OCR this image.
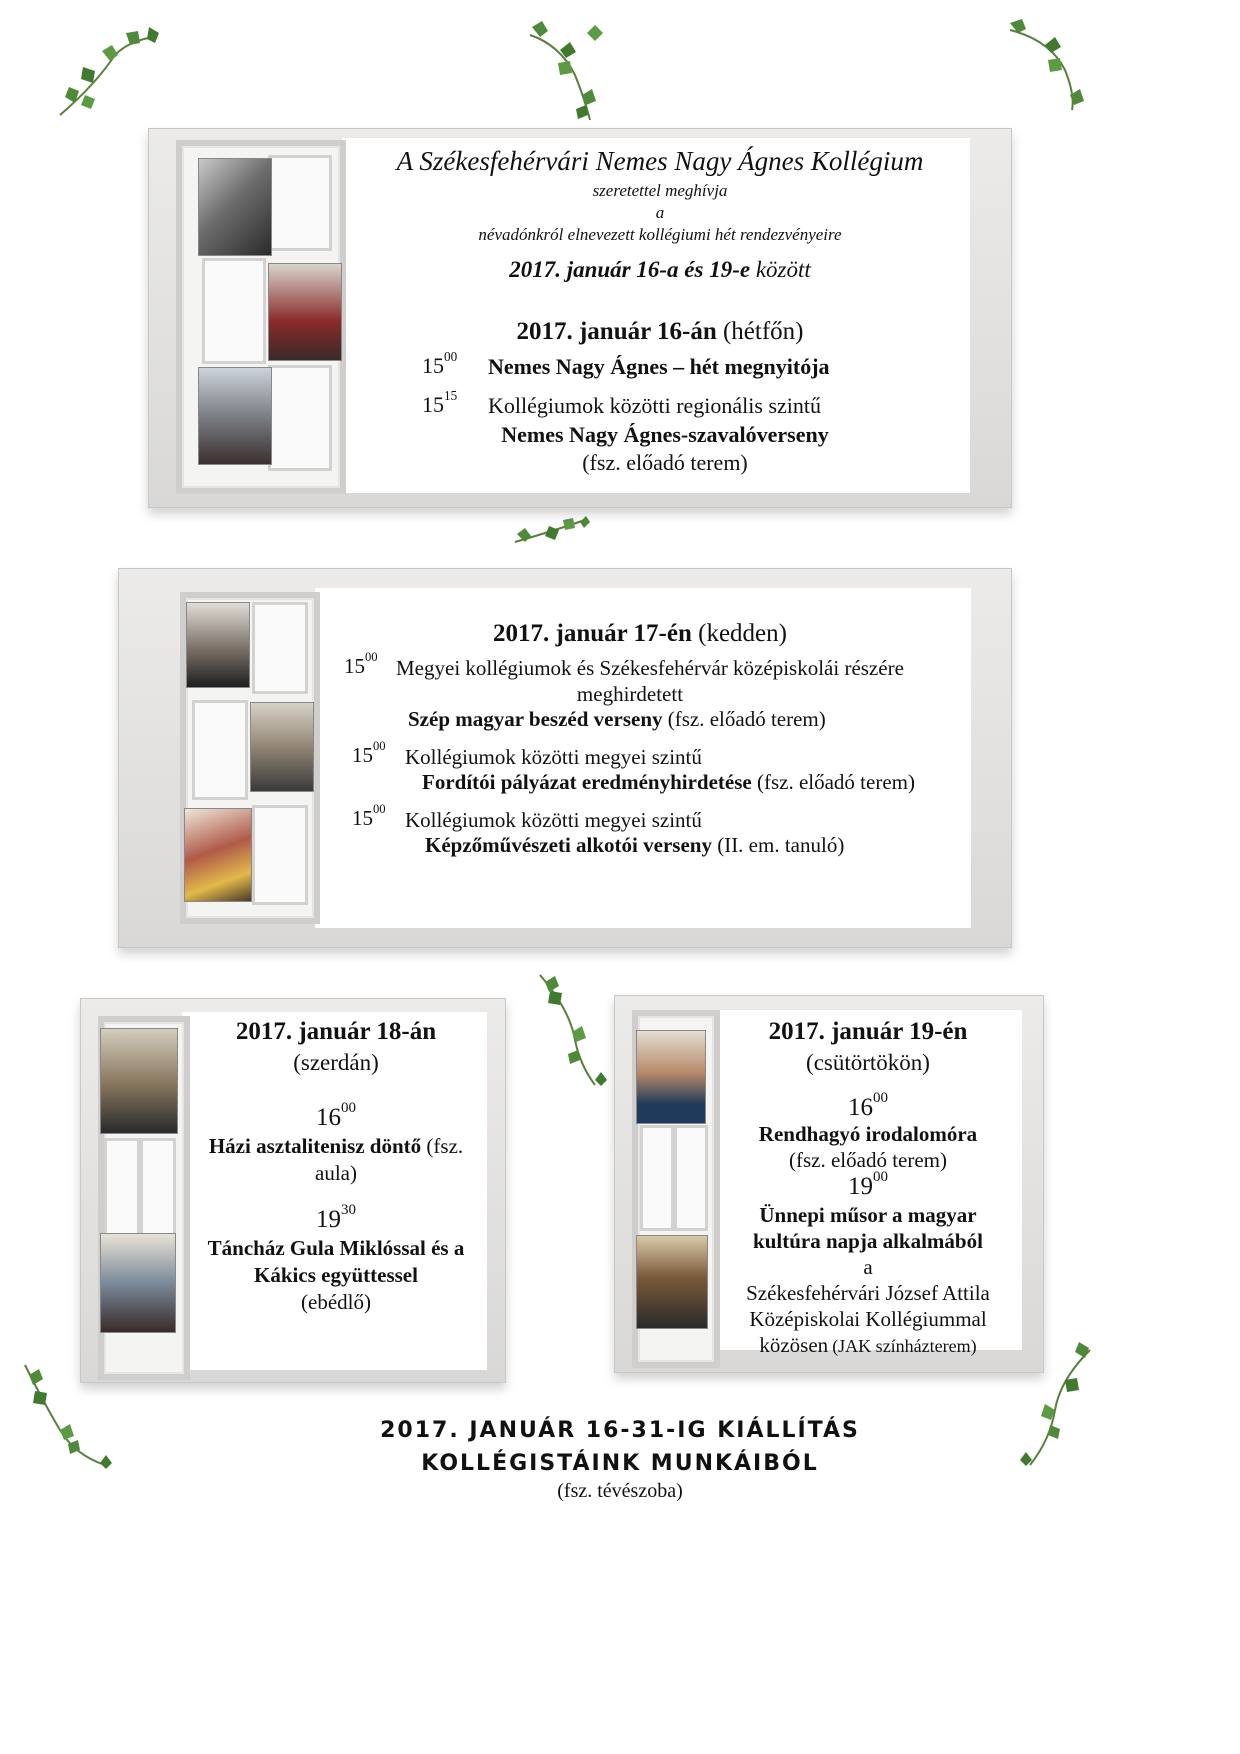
A Székesfehérvári Nemes Nagy Ágnes Kollégium
szeretettel meghívja
a
névadónkról elnevezett kollégiumi hét rendezvényeire
2017. január 16-a és 19-e között
2017. január 16-án (hétfőn)
$15^{00}$ Nemes Nagy Ágnes – hét megnyitója
$15^{15}$ Kollégiumok közötti regionális szintű
Nemes Nagy Ágnes-szavalóverseny
(fsz. előadó terem)
2017. január 17-én (kedden)
$15^{00}$ Megyei kollégiumok és Székesfehérvár középiskolái részére
meghirdetett
Szép magyar beszéd verseny (fsz. előadó terem)
$15^{00}$ Kollégiumok közötti megyei szintű
Fordítói pályázat eredményhirdetése (fsz. előadó terem)
$15^{00}$ Kollégiumok közötti megyei szintű
Képzőművészeti alkotói verseny (II. em. tanuló)
2017. január 18-án
(szerdán)
$16^{00}$
Házi asztalitenisz döntő (fsz.
aula)
$19^{30}$
Táncház Gula Miklóssal és a
Kákics együttessel
(ebédlő)
2017. január 19-én
(csütörtökön)
$16^{00}$
Rendhagyó irodalomóra
(fsz. előadó terem)
$19^{00}$
Ünnepi műsor a magyar
kultúra napja alkalmából
a
Székesfehérvári József Attila
Középiskolai Kollégiummal
közösen (JAK színházterem)
2017. JANUÁR 16-31-IG KIÁLLÍTÁS
KOLLÉGISTÁINK MUNKÁIBÓL
(fsz. tévészoba)
